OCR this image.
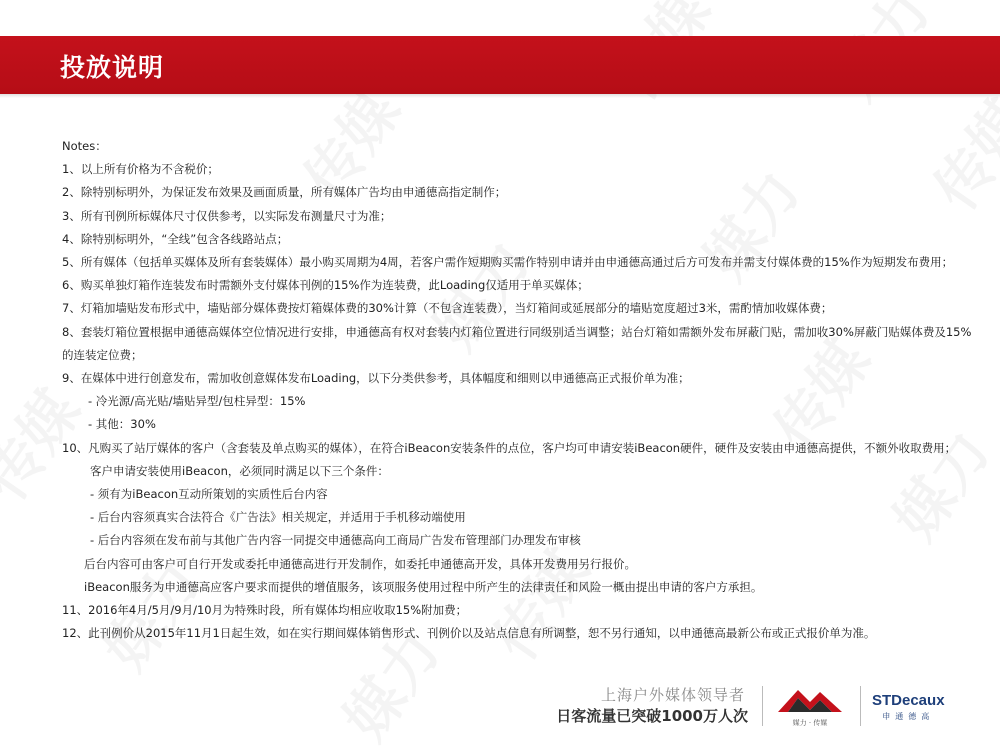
投放说明
Notes：
1、以上所有价格为不含税价；
2、除特别标明外，为保证发布效果及画面质量，所有媒体广告均由申通德高指定制作；
3、所有刊例所标媒体尺寸仅供参考，以实际发布测量尺寸为准；
4、除特别标明外，“全线”包含各线路站点；
5、所有媒体（包括单买媒体及所有套装媒体）最小购买周期为4周，若客户需作短期购买需作特别申请并由申通德高通过后方可发布并需支付媒体费的15%作为短期发布费用；
6、购买单独灯箱作连装发布时需额外支付媒体刊例的15%作为连装费，此Loading仅适用于单买媒体；
7、灯箱加墙贴发布形式中，墙贴部分媒体费按灯箱媒体费的30%计算（不包含连装费），当灯箱间或延展部分的墙贴宽度超过3米，需酌情加收媒体费；
8、套装灯箱位置根据申通德高媒体空位情况进行安排，申通德高有权对套装内灯箱位置进行同级别适当调整；站台灯箱如需额外发布屏蔽门贴，需加收30%屏蔽门贴媒体费及15%的连装定位费；
9、在媒体中进行创意发布，需加收创意媒体发布Loading，以下分类供参考，具体幅度和细则以申通德高正式报价单为准；
- 冷光源/高光贴/墙贴异型/包柱异型：15%
- 其他：30%
10、凡购买了站厅媒体的客户（含套装及单点购买的媒体），在符合iBeacon安装条件的点位，客户均可申请安装iBeacon硬件，硬件及安装由申通德高提供，不额外收取费用；
客户申请安装使用iBeacon，必须同时满足以下三个条件：
- 须有为iBeacon互动所策划的实质性后台内容
- 后台内容须真实合法符合《广告法》相关规定，并适用于手机移动端使用
- 后台内容须在发布前与其他广告内容一同提交申通德高向工商局广告发布管理部门办理发布审核
后台内容可由客户可自行开发或委托申通德高进行开发制作，如委托申通德高开发，具体开发费用另行报价。
iBeacon服务为申通德高应客户要求而提供的增值服务，该项服务使用过程中所产生的法律责任和风险一概由提出申请的客户方承担。
11、2016年4月/5月/9月/10月为特殊时段，所有媒体均相应收取15%附加费；
12、此刊例价从2015年11月1日起生效，如在实行期间媒体销售形式、刊例价以及站点信息有所调整，恕不另行通知，以申通德高最新公布或正式报价单为准。
上海户外媒体领导者
日客流量已突破1000万人次	媒力 · 传媒
STDecaux
申通德高
